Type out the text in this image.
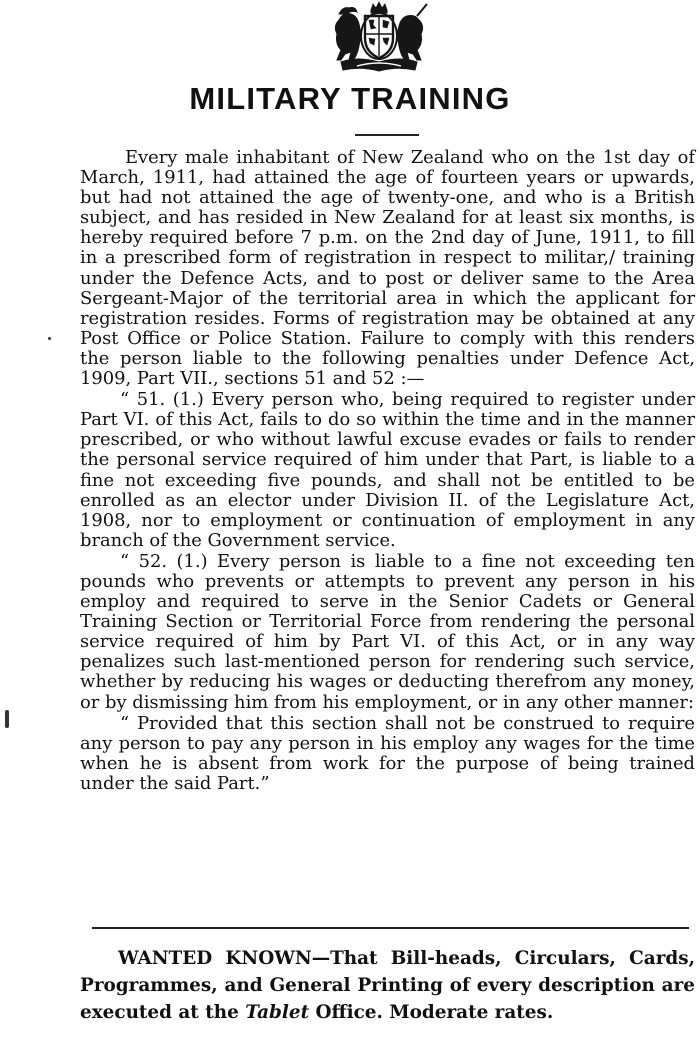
MILITARY TRAINING

Every male inhabitant of New Zealand who on the 1st day of March, 1911, had attained the age of fourteen years or upwards, but had not attained the age of twenty-one, and who is a British subject, and has resided in New Zealand for at least six months, is hereby required before 7 p.m. on the 2nd day of June, 1911, to fill in a prescribed form of registration in respect to militar,/ training under the Defence Acts, and to post or deliver same to the Area Sergeant-Major of the territorial area in which the applicant for registration resides. Forms of registration may be obtained at any Post Office or Police Station. Failure to comply with this renders the person liable to the following penalties under Defence Act, 1909, Part VII., sections 51 and 52 :—

“ 51. (1.) Every person who, being required to register under Part VI. of this Act, fails to do so within the time and in the manner prescribed, or who without lawful excuse evades or fails to render the personal service required of him under that Part, is liable to a fine not exceeding five pounds, and shall not be entitled to be enrolled as an elector under Division II. of the Legislature Act, 1908, nor to employment or continuation of employment in any branch of the Government service.

“ 52. (1.) Every person is liable to a fine not exceeding ten pounds who prevents or attempts to prevent any person in his employ and required to serve in the Senior Cadets or General Training Section or Territorial Force from rendering the personal service required of him by Part VI. of this Act, or in any way penalizes such last-mentioned person for rendering such service, whether by reducing his wages or deducting therefrom any money, or by dismissing him from his employment, or in any other manner:

“ Provided that this section shall not be construed to require any person to pay any person in his employ any wages for the time when he is absent from work for the purpose of being trained under the said Part.”

WANTED KNOWN—That Bill-heads, Circulars, Cards, Programmes, and General Printing of every description are executed at the Tablet Office. Moderate rates.
